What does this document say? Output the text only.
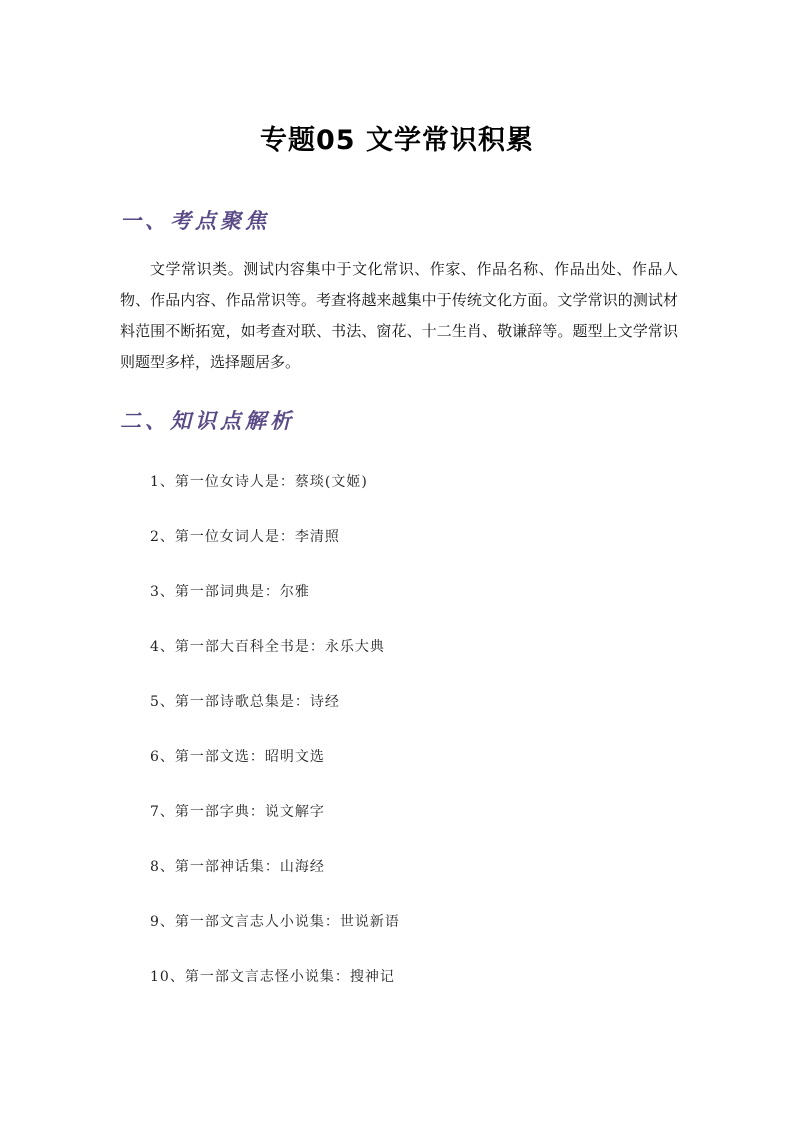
专题05 文学常识积累
一、考点聚焦
文学常识类。测试内容集中于文化常识、作家、作品名称、作品出处、作品人物、作品内容、作品常识等。考查将越来越集中于传统文化方面。文学常识的测试材料范围不断拓宽，如考查对联、书法、窗花、十二生肖、敬谦辞等。题型上文学常识则题型多样，选择题居多。
二、知识点解析
1、第一位女诗人是：蔡琰(文姬)
2、第一位女词人是：李清照
3、第一部词典是：尔雅
4、第一部大百科全书是：永乐大典
5、第一部诗歌总集是：诗经
6、第一部文选：昭明文选
7、第一部字典：说文解字
8、第一部神话集：山海经
9、第一部文言志人小说集：世说新语
10、第一部文言志怪小说集：搜神记
